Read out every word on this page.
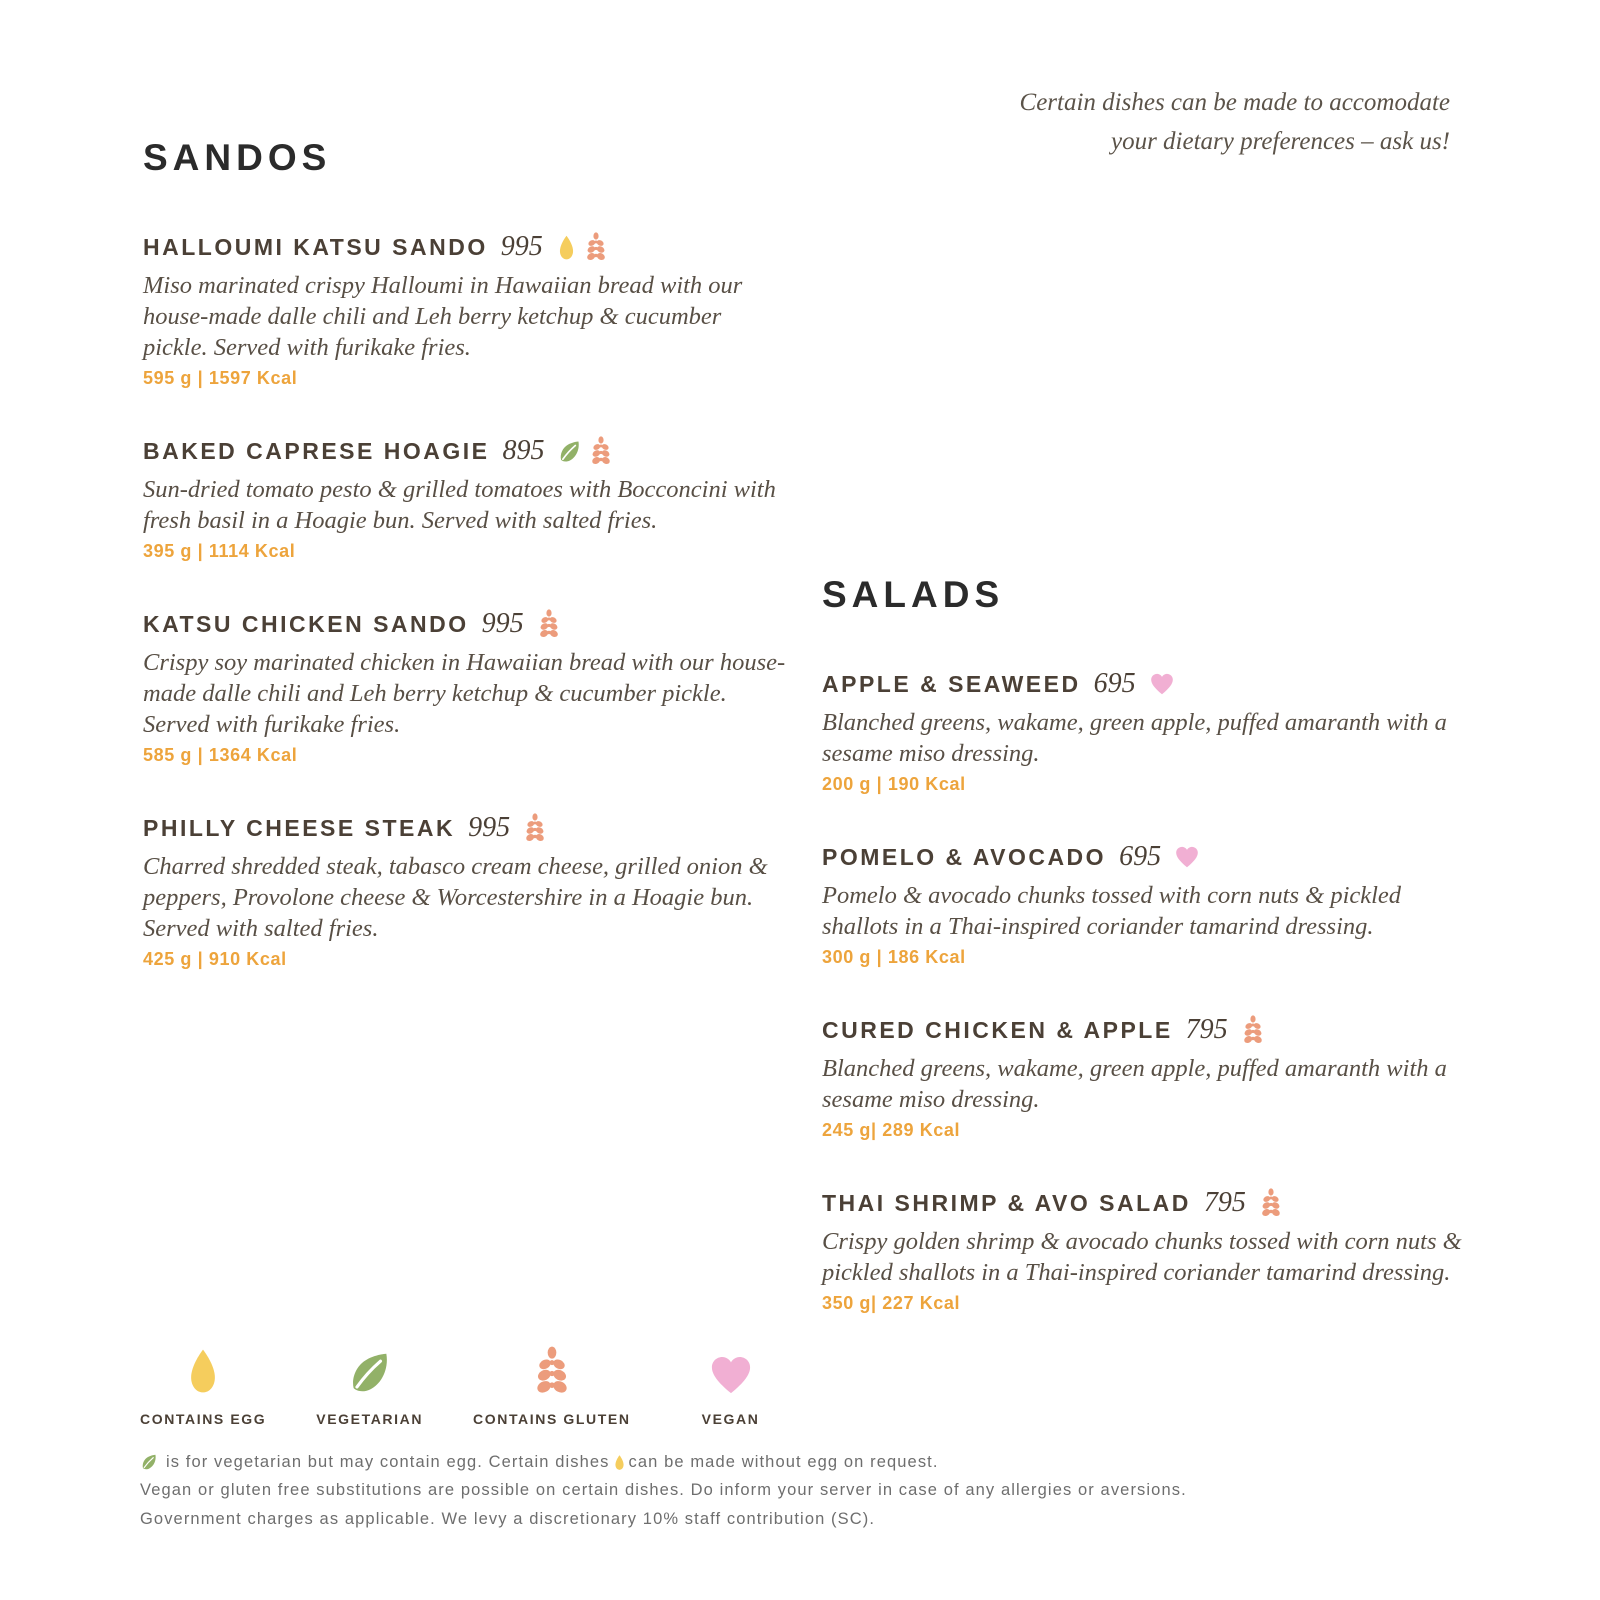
Certain dishes can be made to accomodate
your dietary preferences – ask us!
SANDOS
HALLOUMI KATSU SANDO 995

Miso marinated crispy Halloumi in Hawaiian bread with our house-made dalle chili and Leh berry ketchup & cucumber pickle. Served with furikake fries.

595 g | 1597 Kcal

BAKED CAPRESE HOAGIE 895

Sun-dried tomato pesto & grilled tomatoes with Bocconcini with fresh basil in a Hoagie bun. Served with salted fries.

395 g | 1114 Kcal

KATSU CHICKEN SANDO 995

Crispy soy marinated chicken in Hawaiian bread with our house-made dalle chili and Leh berry ketchup & cucumber pickle. Served with furikake fries.

585 g | 1364 Kcal

PHILLY CHEESE STEAK 995

Charred shredded steak, tabasco cream cheese, grilled onion & peppers, Provolone cheese & Worcestershire in a Hoagie bun. Served with salted fries.

425 g | 910 Kcal

SALADS
APPLE & SEAWEED 695

Blanched greens, wakame, green apple, puffed amaranth with a sesame miso dressing.

200 g | 190 Kcal

POMELO & AVOCADO 695

Pomelo & avocado chunks tossed with corn nuts & pickled shallots in a Thai-inspired coriander tamarind dressing.

300 g | 186 Kcal

CURED CHICKEN & APPLE 795

Blanched greens, wakame, green apple, puffed amaranth with a sesame miso dressing.

245 g| 289 Kcal

THAI SHRIMP & AVO SALAD 795

Crispy golden shrimp & avocado chunks tossed with corn nuts & pickled shallots in a Thai-inspired coriander tamarind dressing.

350 g| 227 Kcal

CONTAINS EGG	VEGETARIAN	CONTAINS GLUTEN	VEGAN

is for vegetarian but may contain egg. Certain dishes can be made without egg on request.

Vegan or gluten free substitutions are possible on certain dishes. Do inform your server in case of any allergies or aversions.

Government charges as applicable. We levy a discretionary 10% staff contribution (SC).
